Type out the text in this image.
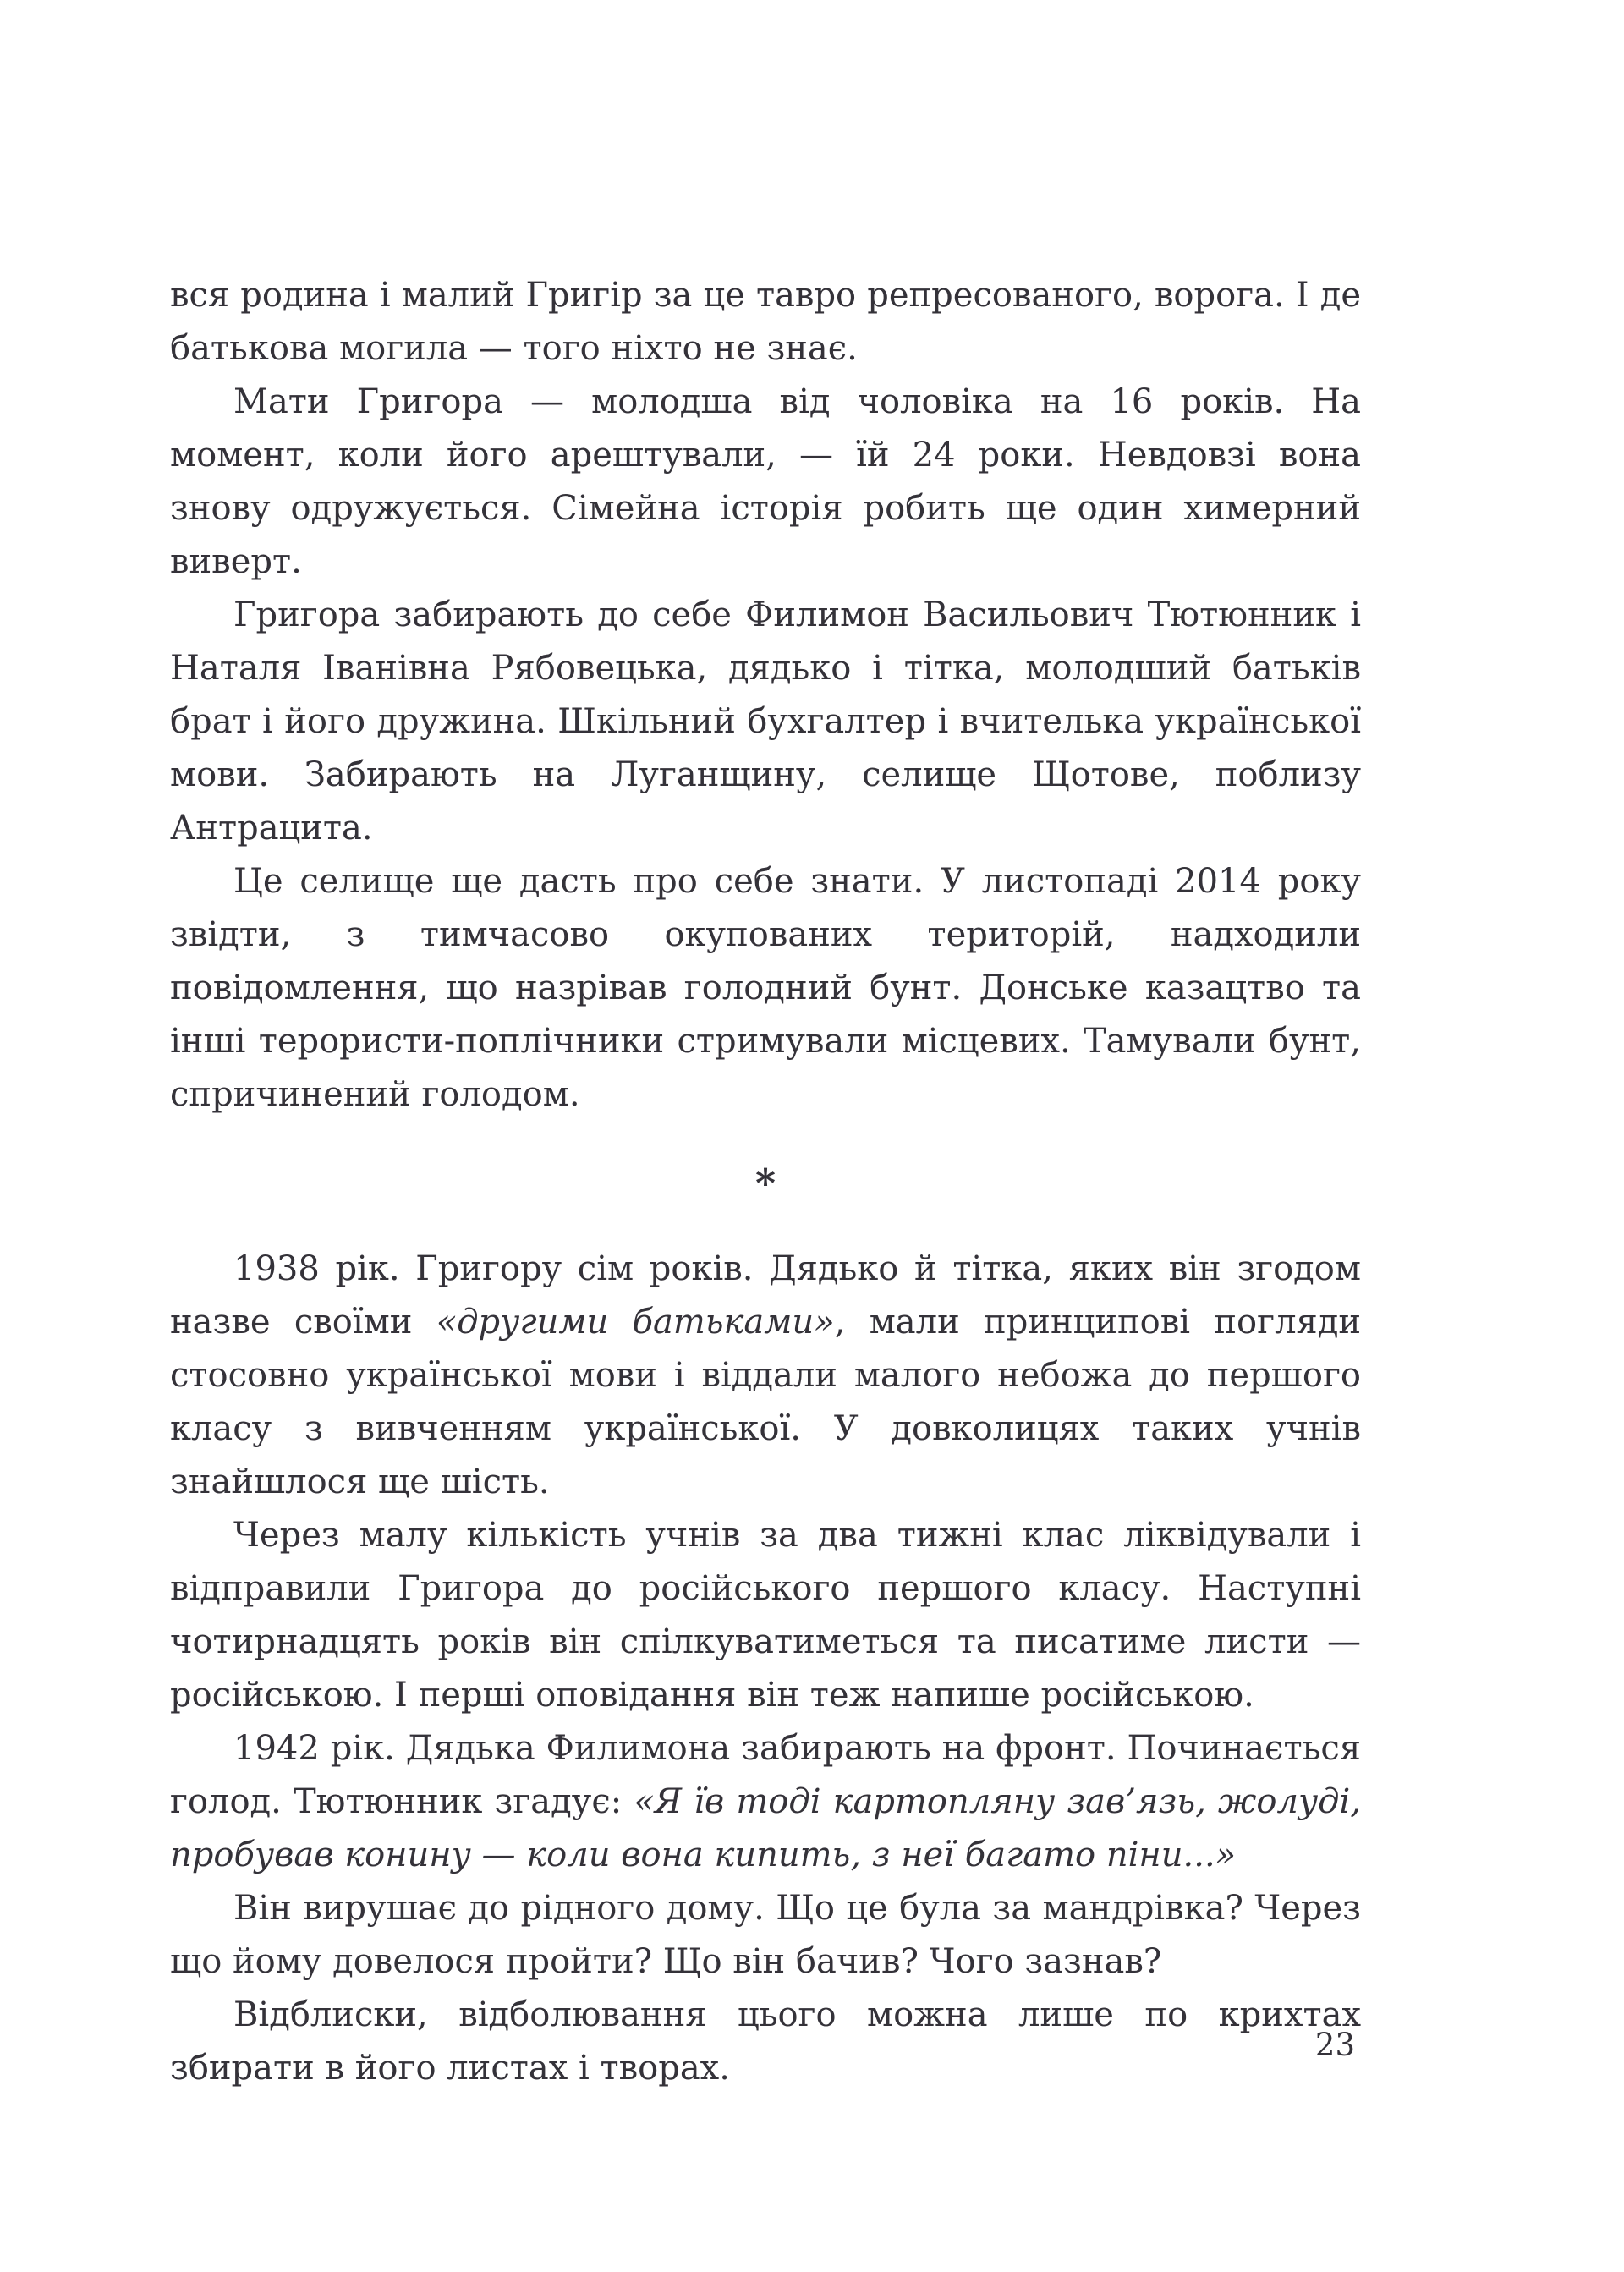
вся родина і малий Григір за це тавро репресованого, ворога. І де батькова могила — того ніхто не знає.

Мати Григора — молодша від чоловіка на 16 років. На момент, коли його арештували, — їй 24 роки. Невдовзі вона знову одружується. Сімейна історія робить ще один химерний виверт.

Григора забирають до себе Филимон Васильович Тютюнник і Наталя Іванівна Рябовецька, дядько і тітка, молодший батьків брат і його дружина. Шкільний бухгалтер і вчителька української мови. Забирають на Луганщину, селище Щотове, поблизу Антрацита.

Це селище ще дасть про себе знати. У листопаді 2014 року звідти, з тимчасово окупованих територій, надходили повідомлення, що назрівав голодний бунт. Донське казацтво та інші терористи-поплічники стримували місцевих. Тамували бунт, спричинений голодом.

*

1938 рік. Григору сім років. Дядько й тітка, яких він згодом назве своїми «другими батьками», мали принципові погляди стосовно української мови і віддали малого небожа до першого класу з вивченням української. У довколицях таких учнів знайшлося ще шість.

Через малу кількість учнів за два тижні клас ліквідували і відправили Григора до російського першого класу. Наступні чотирнадцять років він спілкуватиметься та писатиме листи — російською. І перші оповідання він теж напише російською.

1942 рік. Дядька Филимона забирають на фронт. Починається голод. Тютюнник згадує: «Я їв тоді картопляну зав’язь, жолуді, пробував конину — коли вона кипить, з неї багато піни...»

Він вирушає до рідного дому. Що це була за мандрівка? Через що йому довелося пройти? Що він бачив? Чого зазнав?

Відблиски, відболювання цього можна лише по крихтах збирати в його листах і творах.

23
